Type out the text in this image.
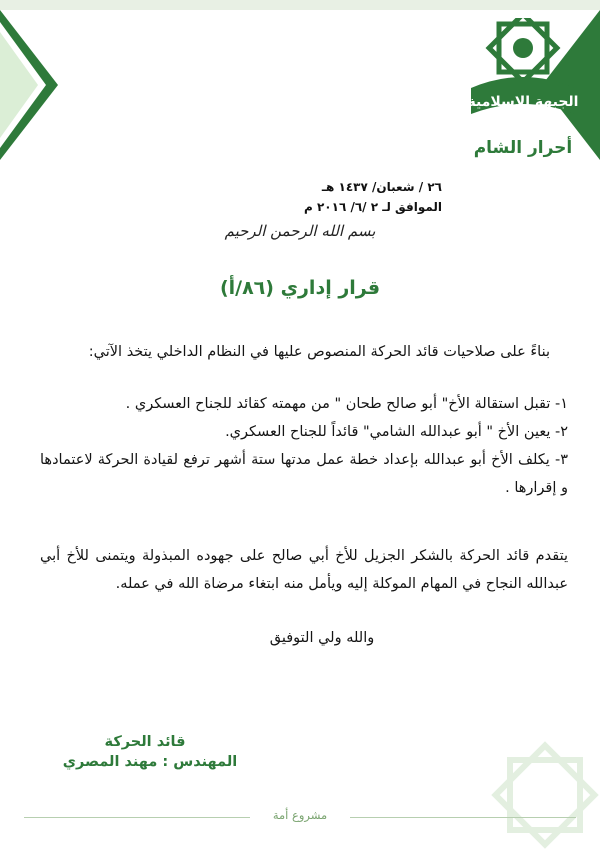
الجبهة الإسلامية
أحرار الشام
٢٦ / شعبان/ ١٤٣٧ هـ
الموافق لـ ٢ /٦/ ٢٠١٦ م
بسم الله الرحمن الرحيم
قرار إداري (٨٦/أ)
بناءً على صلاحيات قائد الحركة المنصوص عليها في النظام الداخلي يتخذ الآتي:
١- تقبل استقالة الأخ" أبو صالح طحان " من مهمته كقائد للجناح العسكري .
٢- يعين الأخ " أبو عبدالله الشامي" قائداً للجناح العسكري.
٣- يكلف الأخ أبو عبدالله بإعداد خطة عمل مدتها ستة أشهر ترفع لقيادة الحركة لاعتمادها و إقرارها .
يتقدم قائد الحركة بالشكر الجزيل للأخ أبي صالح على جهوده المبذولة ويتمنى للأخ أبي عبدالله النجاح في المهام الموكلة إليه ويأمل منه ابتغاء مرضاة الله في عمله.
والله ولي التوفيق
قائد الحركة
المهندس : مهند المصري
مشروع أمة
